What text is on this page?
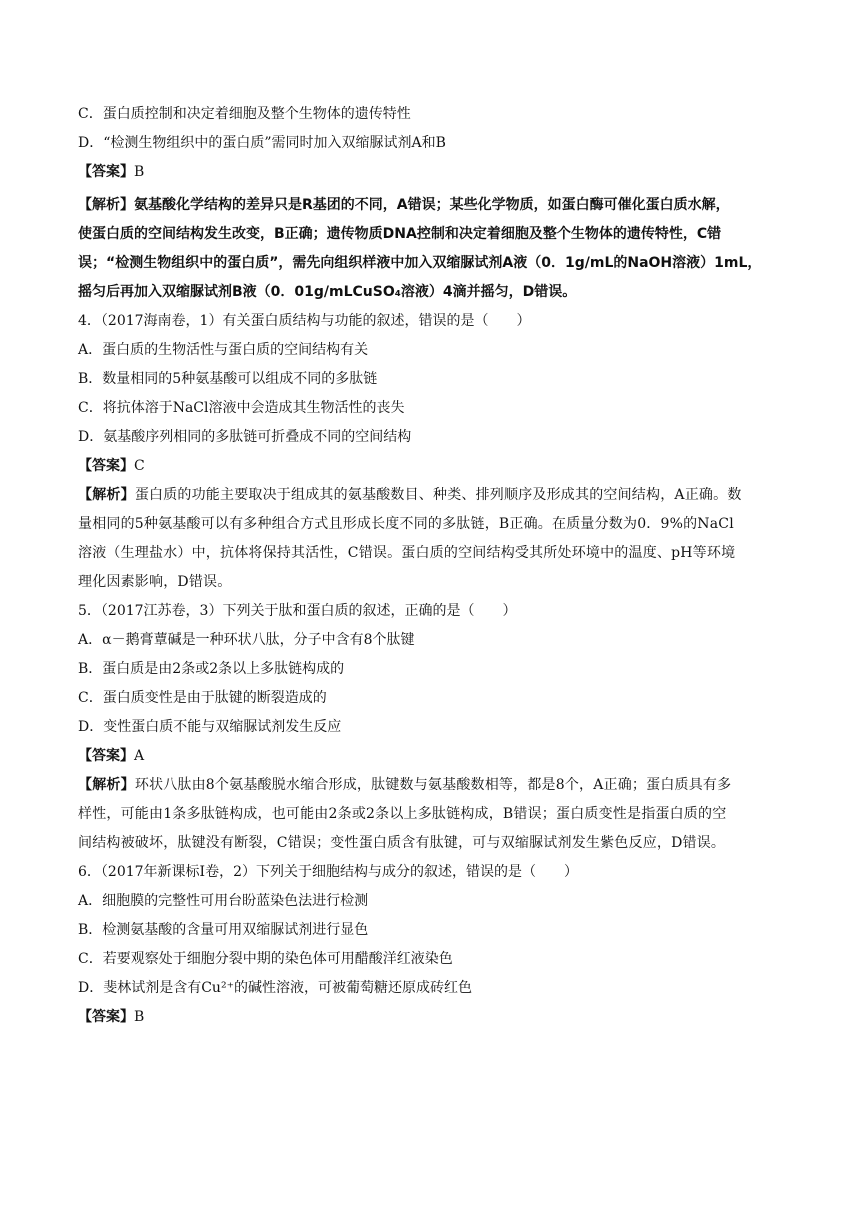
C．蛋白质控制和决定着细胞及整个生物体的遗传特性
D．“检测生物组织中的蛋白质”需同时加入双缩脲试剂A和B
【答案】B
【解析】氨基酸化学结构的差异只是R基团的不同，A错误；某些化学物质，如蛋白酶可催化蛋白质水解，
使蛋白质的空间结构发生改变，B正确；遗传物质DNA控制和决定着细胞及整个生物体的遗传特性，C错
误；“检测生物组织中的蛋白质”，需先向组织样液中加入双缩脲试剂A液（0．1g/mL的NaOH溶液）1mL，
摇匀后再加入双缩脲试剂B液（0．01g/mLCuSO₄溶液）4滴并摇匀，D错误。
4．（2017海南卷，1）有关蛋白质结构与功能的叙述，错误的是（　　）
A．蛋白质的生物活性与蛋白质的空间结构有关
B．数量相同的5种氨基酸可以组成不同的多肽链
C．将抗体溶于NaCl溶液中会造成其生物活性的丧失
D．氨基酸序列相同的多肽链可折叠成不同的空间结构
【答案】C
【解析】蛋白质的功能主要取决于组成其的氨基酸数目、种类、排列顺序及形成其的空间结构，A正确。数
量相同的5种氨基酸可以有多种组合方式且形成长度不同的多肽链，B正确。在质量分数为0．9%的NaCl
溶液（生理盐水）中，抗体将保持其活性，C错误。蛋白质的空间结构受其所处环境中的温度、pH等环境
理化因素影响，D错误。
5．（2017江苏卷，3）下列关于肽和蛋白质的叙述，正确的是（　　）
A．α－鹅膏蕈碱是一种环状八肽，分子中含有8个肽键
B．蛋白质是由2条或2条以上多肽链构成的
C．蛋白质变性是由于肽键的断裂造成的
D．变性蛋白质不能与双缩脲试剂发生反应
【答案】A
【解析】环状八肽由8个氨基酸脱水缩合形成，肽键数与氨基酸数相等，都是8个，A正确；蛋白质具有多
样性，可能由1条多肽链构成，也可能由2条或2条以上多肽链构成，B错误；蛋白质变性是指蛋白质的空
间结构被破坏，肽键没有断裂，C错误；变性蛋白质含有肽键，可与双缩脲试剂发生紫色反应，D错误。
6．（2017年新课标Ⅰ卷，2）下列关于细胞结构与成分的叙述，错误的是（　　）
A．细胞膜的完整性可用台盼蓝染色法进行检测
B．检测氨基酸的含量可用双缩脲试剂进行显色
C．若要观察处于细胞分裂中期的染色体可用醋酸洋红液染色
D．斐林试剂是含有Cu²⁺的碱性溶液，可被葡萄糖还原成砖红色
【答案】B
